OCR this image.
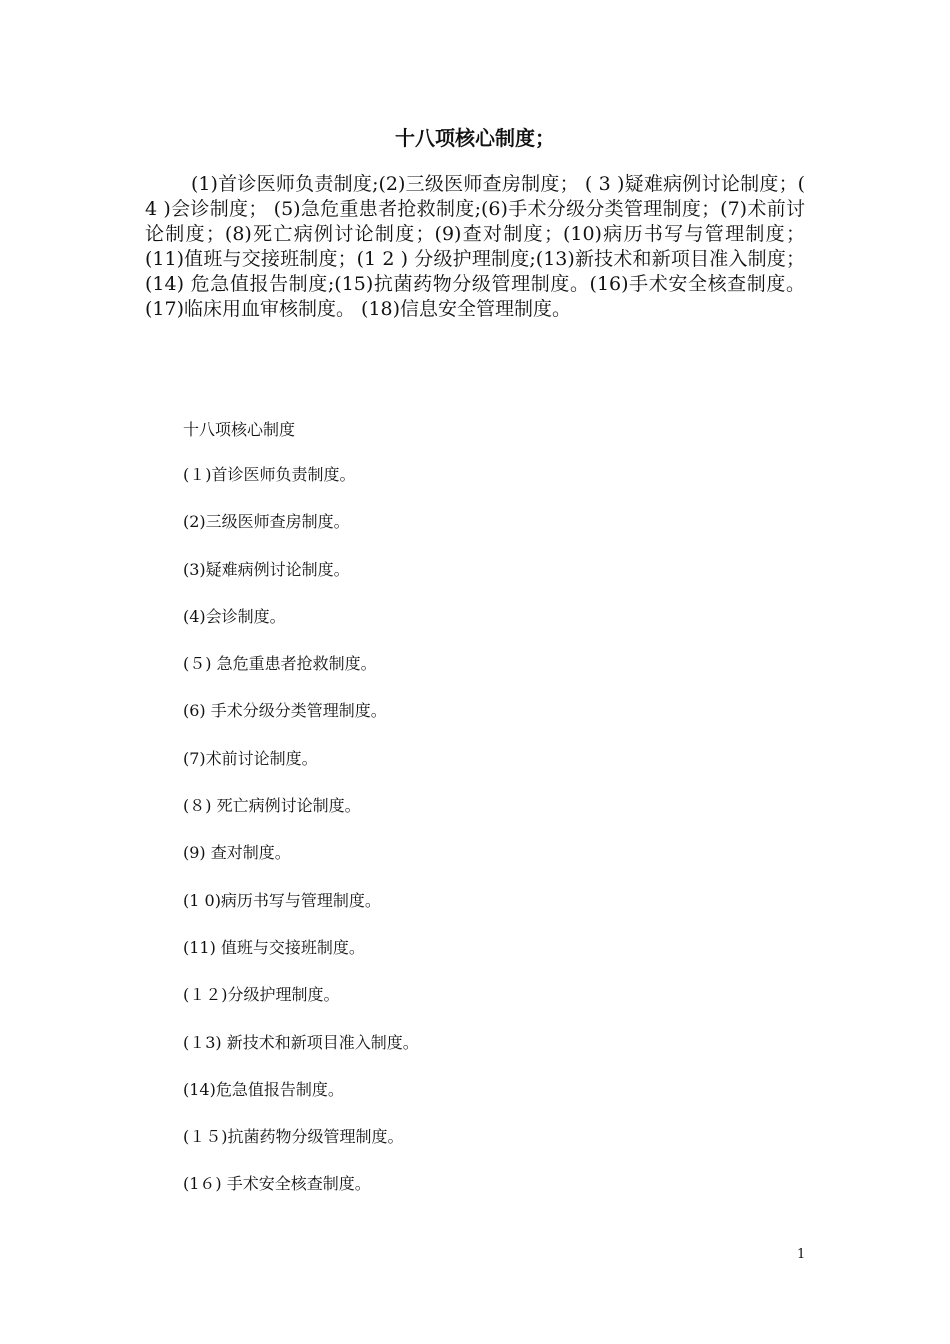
十八项核心制度；

(1)首诊医师负责制度;(2)三级医师查房制度； ( 3 )疑难病例讨论制度；( 4 )会诊制度； (5)急危重患者抢救制度;(6)手术分级分类管理制度；(7)术前讨论制度；(8)死亡病例讨论制度；(9)查对制度；(10)病历书写与管理制度；(11)值班与交接班制度；(1 2 ) 分级护理制度;(13)新技术和新项目准入制度；(14) 危急值报告制度;(15)抗菌药物分级管理制度。(16)手术安全核查制度。(17)临床用血审核制度。 (18)信息安全管理制度。

十八项核心制度
(１)首诊医师负责制度。
(2)三级医师查房制度。
(3)疑难病例讨论制度。
(4)会诊制度。
(５) 急危重患者抢救制度。
(6) 手术分级分类管理制度。
(7)术前讨论制度。
(８) 死亡病例讨论制度。
(9) 查对制度。
(1 0)病历书写与管理制度。
(11) 值班与交接班制度。
(１２)分级护理制度。
(１3) 新技术和新项目准入制度。
(14)危急值报告制度。
(１５)抗菌药物分级管理制度。
(1６) 手术安全核查制度。
1
